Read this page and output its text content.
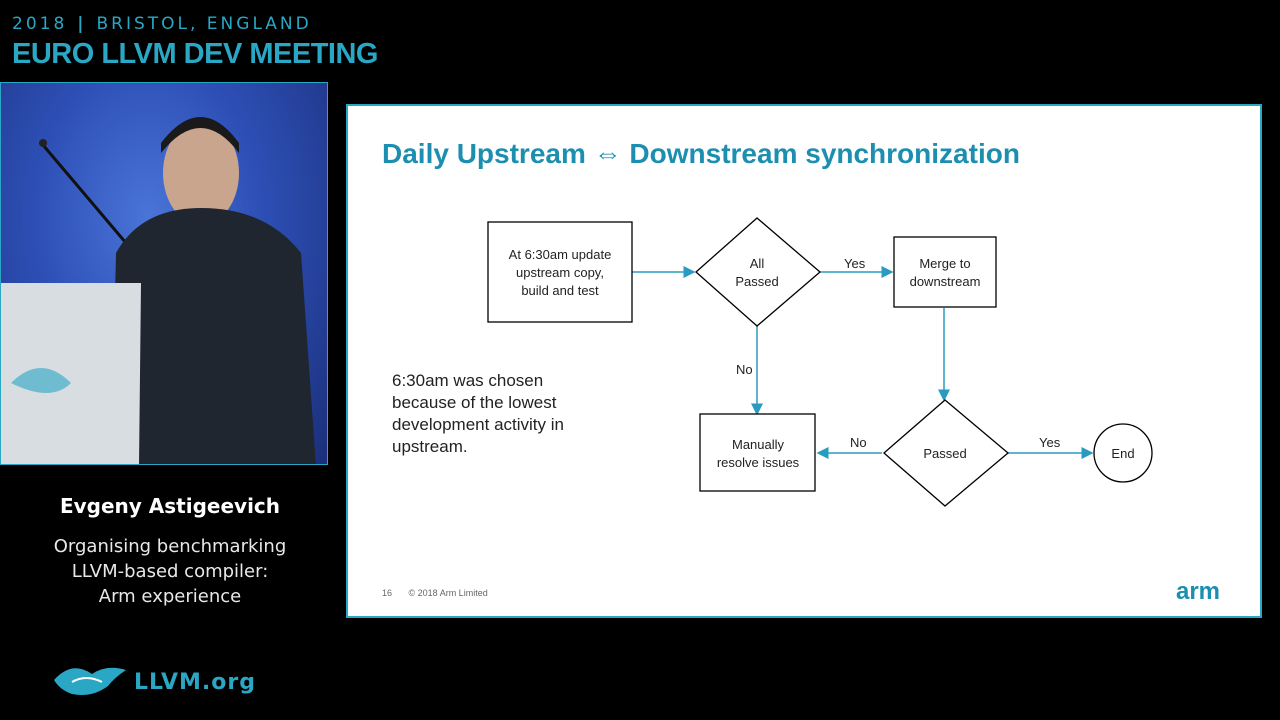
2018 | BRISTOL, ENGLAND
EURO LLVM DEV MEETING
Evgeny Astigeevich
Organising benchmarking
LLVM-based compiler:
Arm experience
LLVM.org
Daily Upstream ⇔ Downstream synchronization
Yes
No
No	Yes
At 6:30am update
upstream copy,
build and test
All
Passed
Merge to
downstream
Manually
resolve issues
Passed	End
6:30am was chosen because of the lowest development activity in upstream.
16 © 2018 Arm Limited	arm
